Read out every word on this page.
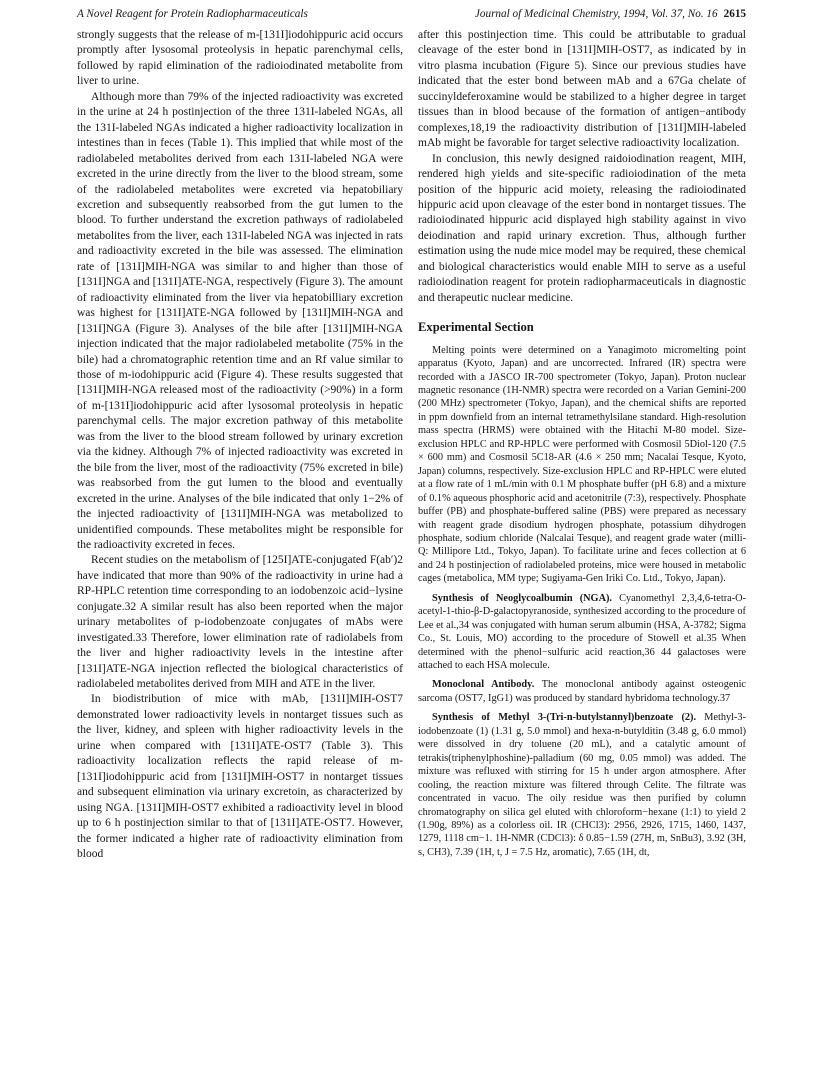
A Novel Reagent for Protein Radiopharmaceuticals	Journal of Medicinal Chemistry, 1994, Vol. 37, No. 16 2615

strongly suggests that the release of m-[131I]iodohippuric acid occurs promptly after lysosomal proteolysis in hepatic parenchymal cells, followed by rapid elimination of the radioiodinated metabolite from liver to urine.

Although more than 79% of the injected radioactivity was excreted in the urine at 24 h postinjection of the three 131I-labeled NGAs, all the 131I-labeled NGAs indicated a higher radioactivity localization in intestines than in feces (Table 1). This implied that while most of the radiolabeled metabolites derived from each 131I-labeled NGA were excreted in the urine directly from the liver to the blood stream, some of the radiolabeled metabolites were excreted via hepatobiliary excretion and subsequently reabsorbed from the gut lumen to the blood. To further understand the excretion pathways of radiolabeled metabolites from the liver, each 131I-labeled NGA was injected in rats and radioactivity excreted in the bile was assessed. The elimination rate of [131I]MIH-NGA was similar to and higher than those of [131I]NGA and [131I]ATE-NGA, respectively (Figure 3). The amount of radioactivity eliminated from the liver via hepatobilliary excretion was highest for [131I]ATE-NGA followed by [131I]MIH-NGA and [131I]NGA (Figure 3). Analyses of the bile after [131I]MIH-NGA injection indicated that the major radiolabeled metabolite (75% in the bile) had a chromatographic retention time and an Rf value similar to those of m-iodohippuric acid (Figure 4). These results suggested that [131I]MIH-NGA released most of the radioactivity (>90%) in a form of m-[131I]iodohippuric acid after lysosomal proteolysis in hepatic parenchymal cells. The major excretion pathway of this metabolite was from the liver to the blood stream followed by urinary excretion via the kidney. Although 7% of injected radioactivity was excreted in the bile from the liver, most of the radioactivity (75% excreted in bile) was reabsorbed from the gut lumen to the blood and eventually excreted in the urine. Analyses of the bile indicated that only 1−2% of the injected radioactivity of [131I]MIH-NGA was metabolized to unidentified compounds. These metabolites might be responsible for the radioactivity excreted in feces.

Recent studies on the metabolism of [125I]ATE-conjugated F(ab′)2 have indicated that more than 90% of the radioactivity in urine had a RP-HPLC retention time corresponding to an iodobenzoic acid−lysine conjugate.32 A similar result has also been reported when the major urinary metabolites of p-iodobenzoate conjugates of mAbs were investigated.33 Therefore, lower elimination rate of radiolabels from the liver and higher radioactivity levels in the intestine after [131I]ATE-NGA injection reflected the biological characteristics of radiolabeled metabolites derived from MIH and ATE in the liver.

In biodistribution of mice with mAb, [131I]MIH-OST7 demonstrated lower radioactivity levels in nontarget tissues such as the liver, kidney, and spleen with higher radioactivity levels in the urine when compared with [131I]ATE-OST7 (Table 3). This radioactivity localization reflects the rapid release of m-[131I]iodohippuric acid from [131I]MIH-OST7 in nontarget tissues and subsequent elimination via urinary excretoin, as characterized by using NGA. [131I]MIH-OST7 exhibited a radioactivity level in blood up to 6 h postinjection similar to that of [131I]ATE-OST7. However, the former indicated a higher rate of radioactivity elimination from blood

after this postinjection time. This could be attributable to gradual cleavage of the ester bond in [131I]MIH-OST7, as indicated by in vitro plasma incubation (Figure 5). Since our previous studies have indicated that the ester bond between mAb and a 67Ga chelate of succinyldeferoxamine would be stabilized to a higher degree in target tissues than in blood because of the formation of antigen−antibody complexes,18,19 the radioactivity distribution of [131I]MIH-labeled mAb might be favorable for target selective radioactivity localization.

In conclusion, this newly designed raidoiodination reagent, MIH, rendered high yields and site-specific radioiodination of the meta position of the hippuric acid moiety, releasing the radioiodinated hippuric acid upon cleavage of the ester bond in nontarget tissues. The radioiodinated hippuric acid displayed high stability against in vivo deiodination and rapid urinary excretion. Thus, although further estimation using the nude mice model may be required, these chemical and biological characteristics would enable MIH to serve as a useful radioiodination reagent for protein radiopharmaceuticals in diagnostic and therapeutic nuclear medicine.

Experimental Section

Melting points were determined on a Yanagimoto micromelting point apparatus (Kyoto, Japan) and are uncorrected. Infrared (IR) spectra were recorded with a JASCO IR-700 spectrometer (Tokyo, Japan). Proton nuclear magnetic resonance (1H-NMR) spectra were recorded on a Varian Gemini-200 (200 MHz) spectrometer (Tokyo, Japan), and the chemical shifts are reported in ppm downfield from an internal tetramethylsilane standard. High-resolution mass spectra (HRMS) were obtained with the Hitachi M-80 model. Size-exclusion HPLC and RP-HPLC were performed with Cosmosil 5Diol-120 (7.5 × 600 mm) and Cosmosil 5C18-AR (4.6 × 250 mm; Nacalai Tesque, Kyoto, Japan) columns, respectively. Size-exclusion HPLC and RP-HPLC were eluted at a flow rate of 1 mL/min with 0.1 M phosphate buffer (pH 6.8) and a mixture of 0.1% aqueous phosphoric acid and acetonitrile (7:3), respectively. Phosphate buffer (PB) and phosphate-buffered saline (PBS) were prepared as necessary with reagent grade disodium hydrogen phosphate, potassium dihydrogen phosphate, sodium chloride (Nalcalai Tesque), and reagent grade water (milli-Q: Millipore Ltd., Tokyo, Japan). To facilitate urine and feces collection at 6 and 24 h postinjection of radiolabeled proteins, mice were housed in metabolic cages (metabolica, MM type; Sugiyama-Gen Iriki Co. Ltd., Tokyo, Japan).

Synthesis of Neoglycoalbumin (NGA). Cyanomethyl 2,3,4,6-tetra-O-acetyl-1-thio-β-D-galactopyranoside, synthesized according to the procedure of Lee et al.,34 was conjugated with human serum albumin (HSA, A-3782; Sigma Co., St. Louis, MO) according to the procedure of Stowell et al.35 When determined with the phenol−sulfuric acid reaction,36 44 galactoses were attached to each HSA molecule.

Monoclonal Antibody. The monoclonal antibody against osteogenic sarcoma (OST7, IgG1) was produced by standard hybridoma technology.37

Synthesis of Methyl 3-(Tri-n-butylstannyl)benzoate (2). Methyl-3-iodobenzoate (1) (1.31 g, 5.0 mmol) and hexa-n-butylditin (3.48 g, 6.0 mmol) were dissolved in dry toluene (20 mL), and a catalytic amount of tetrakis(triphenylphoshine)-palladium (60 mg, 0.05 mmol) was added. The mixture was refluxed with stirring for 15 h under argon atmosphere. After cooling, the reaction mixture was filtered through Celite. The filtrate was concentrated in vacuo. The oily residue was then purified by column chromatography on silica gel eluted with chloroform−hexane (1:1) to yield 2 (1.90g, 89%) as a colorless oil. IR (CHCl3): 2956, 2926, 1715, 1460, 1437, 1279, 1118 cm−1. 1H-NMR (CDCl3): δ 0.85−1.59 (27H, m, SnBu3), 3.92 (3H, s, CH3), 7.39 (1H, t, J = 7.5 Hz, aromatic), 7.65 (1H, dt,
